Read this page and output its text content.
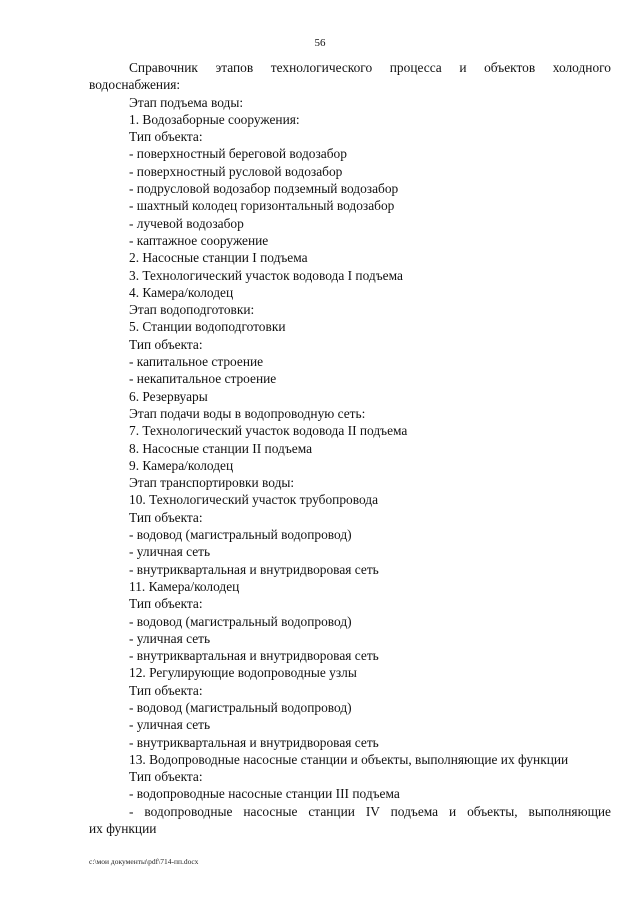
56
Справочник этапов технологического процесса и объектов холодного
водоснабжения:
Этап подъема воды:
1. Водозаборные сооружения:
Тип объекта:
- поверхностный береговой водозабор
- поверхностный русловой водозабор
- подрусловой водозабор подземный водозабор
- шахтный колодец горизонтальный водозабор
- лучевой водозабор
- каптажное сооружение
2. Насосные станции I подъема
3. Технологический участок водовода I подъема
4. Камера/колодец
Этап водоподготовки:
5. Станции водоподготовки
Тип объекта:
- капитальное строение
- некапитальное строение
6. Резервуары
Этап подачи воды в водопроводную сеть:
7. Технологический участок водовода II подъема
8. Насосные станции II подъема
9. Камера/колодец
Этап транспортировки воды:
10. Технологический участок трубопровода
Тип объекта:
- водовод (магистральный водопровод)
- уличная сеть
- внутриквартальная и внутридворовая сеть
11. Камера/колодец
Тип объекта:
- водовод (магистральный водопровод)
- уличная сеть
- внутриквартальная и внутридворовая сеть
12. Регулирующие водопроводные узлы
Тип объекта:
- водовод (магистральный водопровод)
- уличная сеть
- внутриквартальная и внутридворовая сеть
13. Водопроводные насосные станции и объекты, выполняющие их функции
Тип объекта:
- водопроводные насосные станции III подъема
- водопроводные насосные станции IV подъема и объекты, выполняющие
их функции
c:\мои документы\pdf\714-пп.docx
